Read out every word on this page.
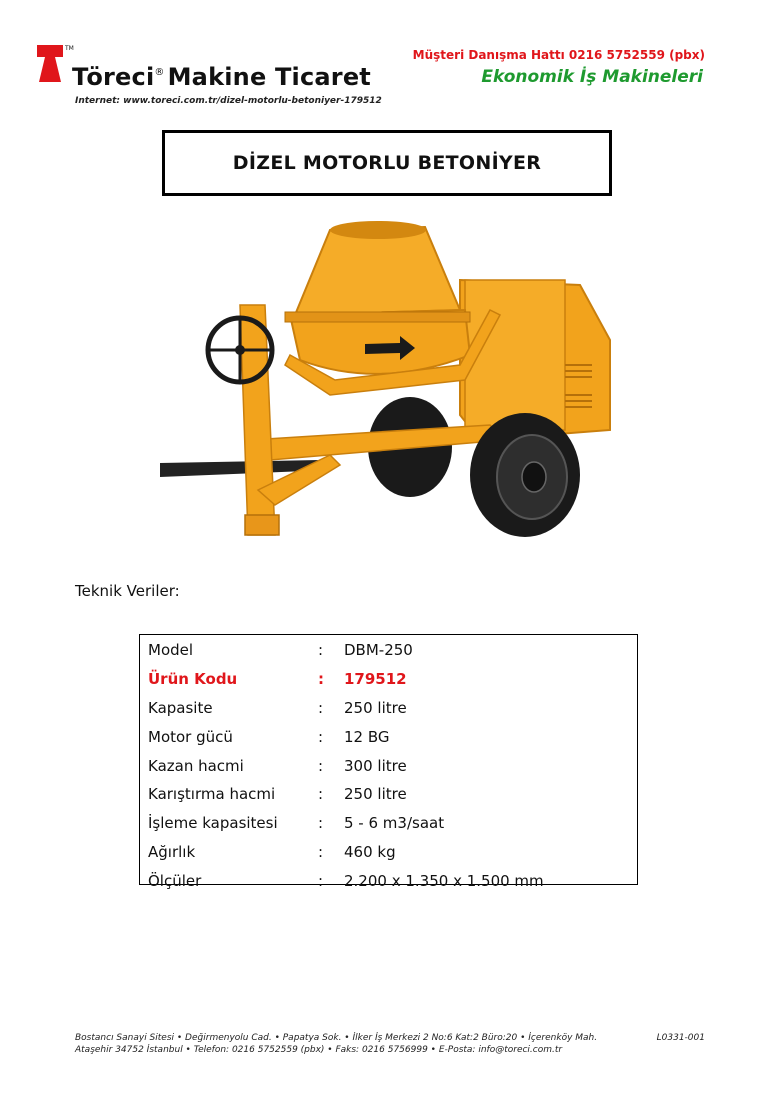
TM
Töreci® Makine Ticaret
Internet: www.toreci.com.tr/dizel-motorlu-betoniyer-179512
Müşteri Danışma Hattı 0216 5752559 (pbx)
Ekonomik İş Makineleri
DİZEL MOTORLU BETONİYER
Teknik Veriler:
Model	:	DBM-250
Ürün Kodu	:	179512
Kapasite	:	250 litre
Motor gücü	:	12 BG
Kazan hacmi	:	300 litre
Karıştırma hacmi	:	250 litre
İşleme kapasitesi	:	5 - 6 m3/saat
Ağırlık	:	460 kg
Ölçüler	:	2.200 x 1.350 x 1.500 mm
Bostancı Sanayi Sitesi • Değirmenyolu Cad. • Papatya Sok. • İlker İş Merkezi 2 No:6 Kat:2 Büro:20 • İçerenköy Mah.
Ataşehir 34752 İstanbul • Telefon: 0216 5752559 (pbx) • Faks: 0216 5756999 • E-Posta: info@toreci.com.tr
L0331-001
